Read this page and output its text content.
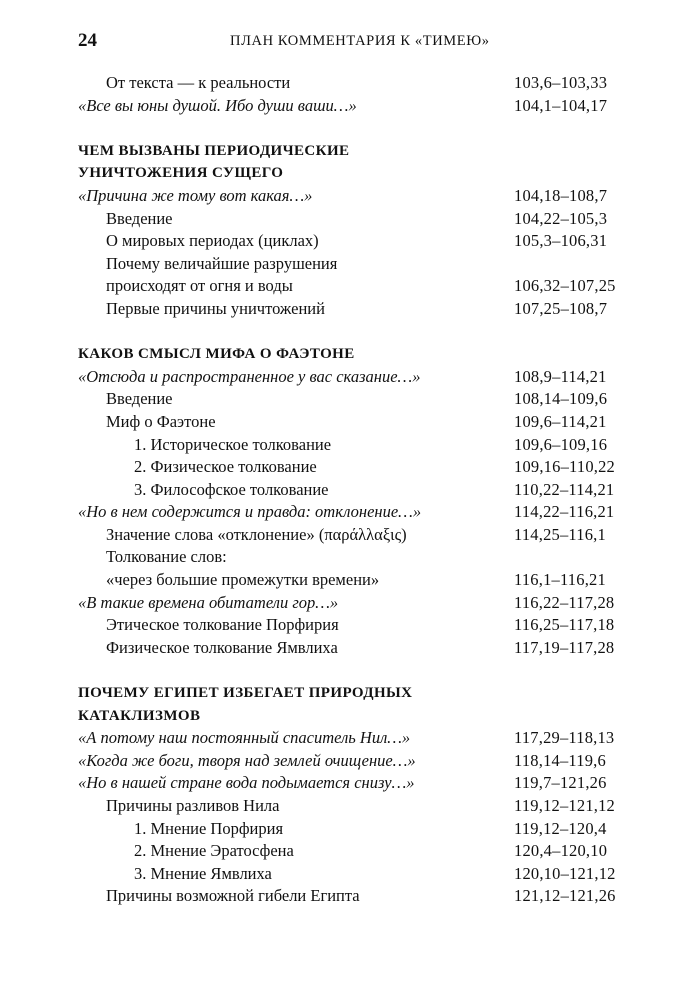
24	ПЛАН КОММЕНТАРИЯ К «ТИМЕЮ»
От текста — к реальности	103,6–103,33
«Все вы юны душой. Ибо души ваши…»	104,1–104,17
ЧЕМ ВЫЗВАНЫ ПЕРИОДИЧЕСКИЕ
УНИЧТОЖЕНИЯ СУЩЕГО
«Причина же тому вот какая…»	104,18–108,7
Введение	104,22–105,3
О мировых периодах (циклах)	105,3–106,31
Почему величайшие разрушения
происходят от огня и воды	106,32–107,25
Первые причины уничтожений	107,25–108,7
КАКОВ СМЫСЛ МИФА О ФАЭТОНЕ
«Отсюда и распространенное у вас сказание…»	108,9–114,21
Введение	108,14–109,6
Миф о Фаэтоне	109,6–114,21
1. Историческое толкование	109,6–109,16
2. Физическое толкование	109,16–110,22
3. Философское толкование	110,22–114,21
«Но в нем содержится и правда: отклонение…»	114,22–116,21
Значение слова «отклонение» (παράλλαξις)	114,25–116,1
Толкование слов:
«через большие промежутки времени»	116,1–116,21
«В такие времена обитатели гор…»	116,22–117,28
Этическое толкование Порфирия	116,25–117,18
Физическое толкование Ямвлиха	117,19–117,28
ПОЧЕМУ ЕГИПЕТ ИЗБЕГАЕТ ПРИРОДНЫХ
КАТАКЛИЗМОВ
«А потому наш постоянный спаситель Нил…»	117,29–118,13
«Когда же боги, творя над землей очищение…»	118,14–119,6
«Но в нашей стране вода подымается снизу…»	119,7–121,26
Причины разливов Нила	119,12–121,12
1. Мнение Порфирия	119,12–120,4
2. Мнение Эратосфена	120,4–120,10
3. Мнение Ямвлиха	120,10–121,12
Причины возможной гибели Египта	121,12–121,26
